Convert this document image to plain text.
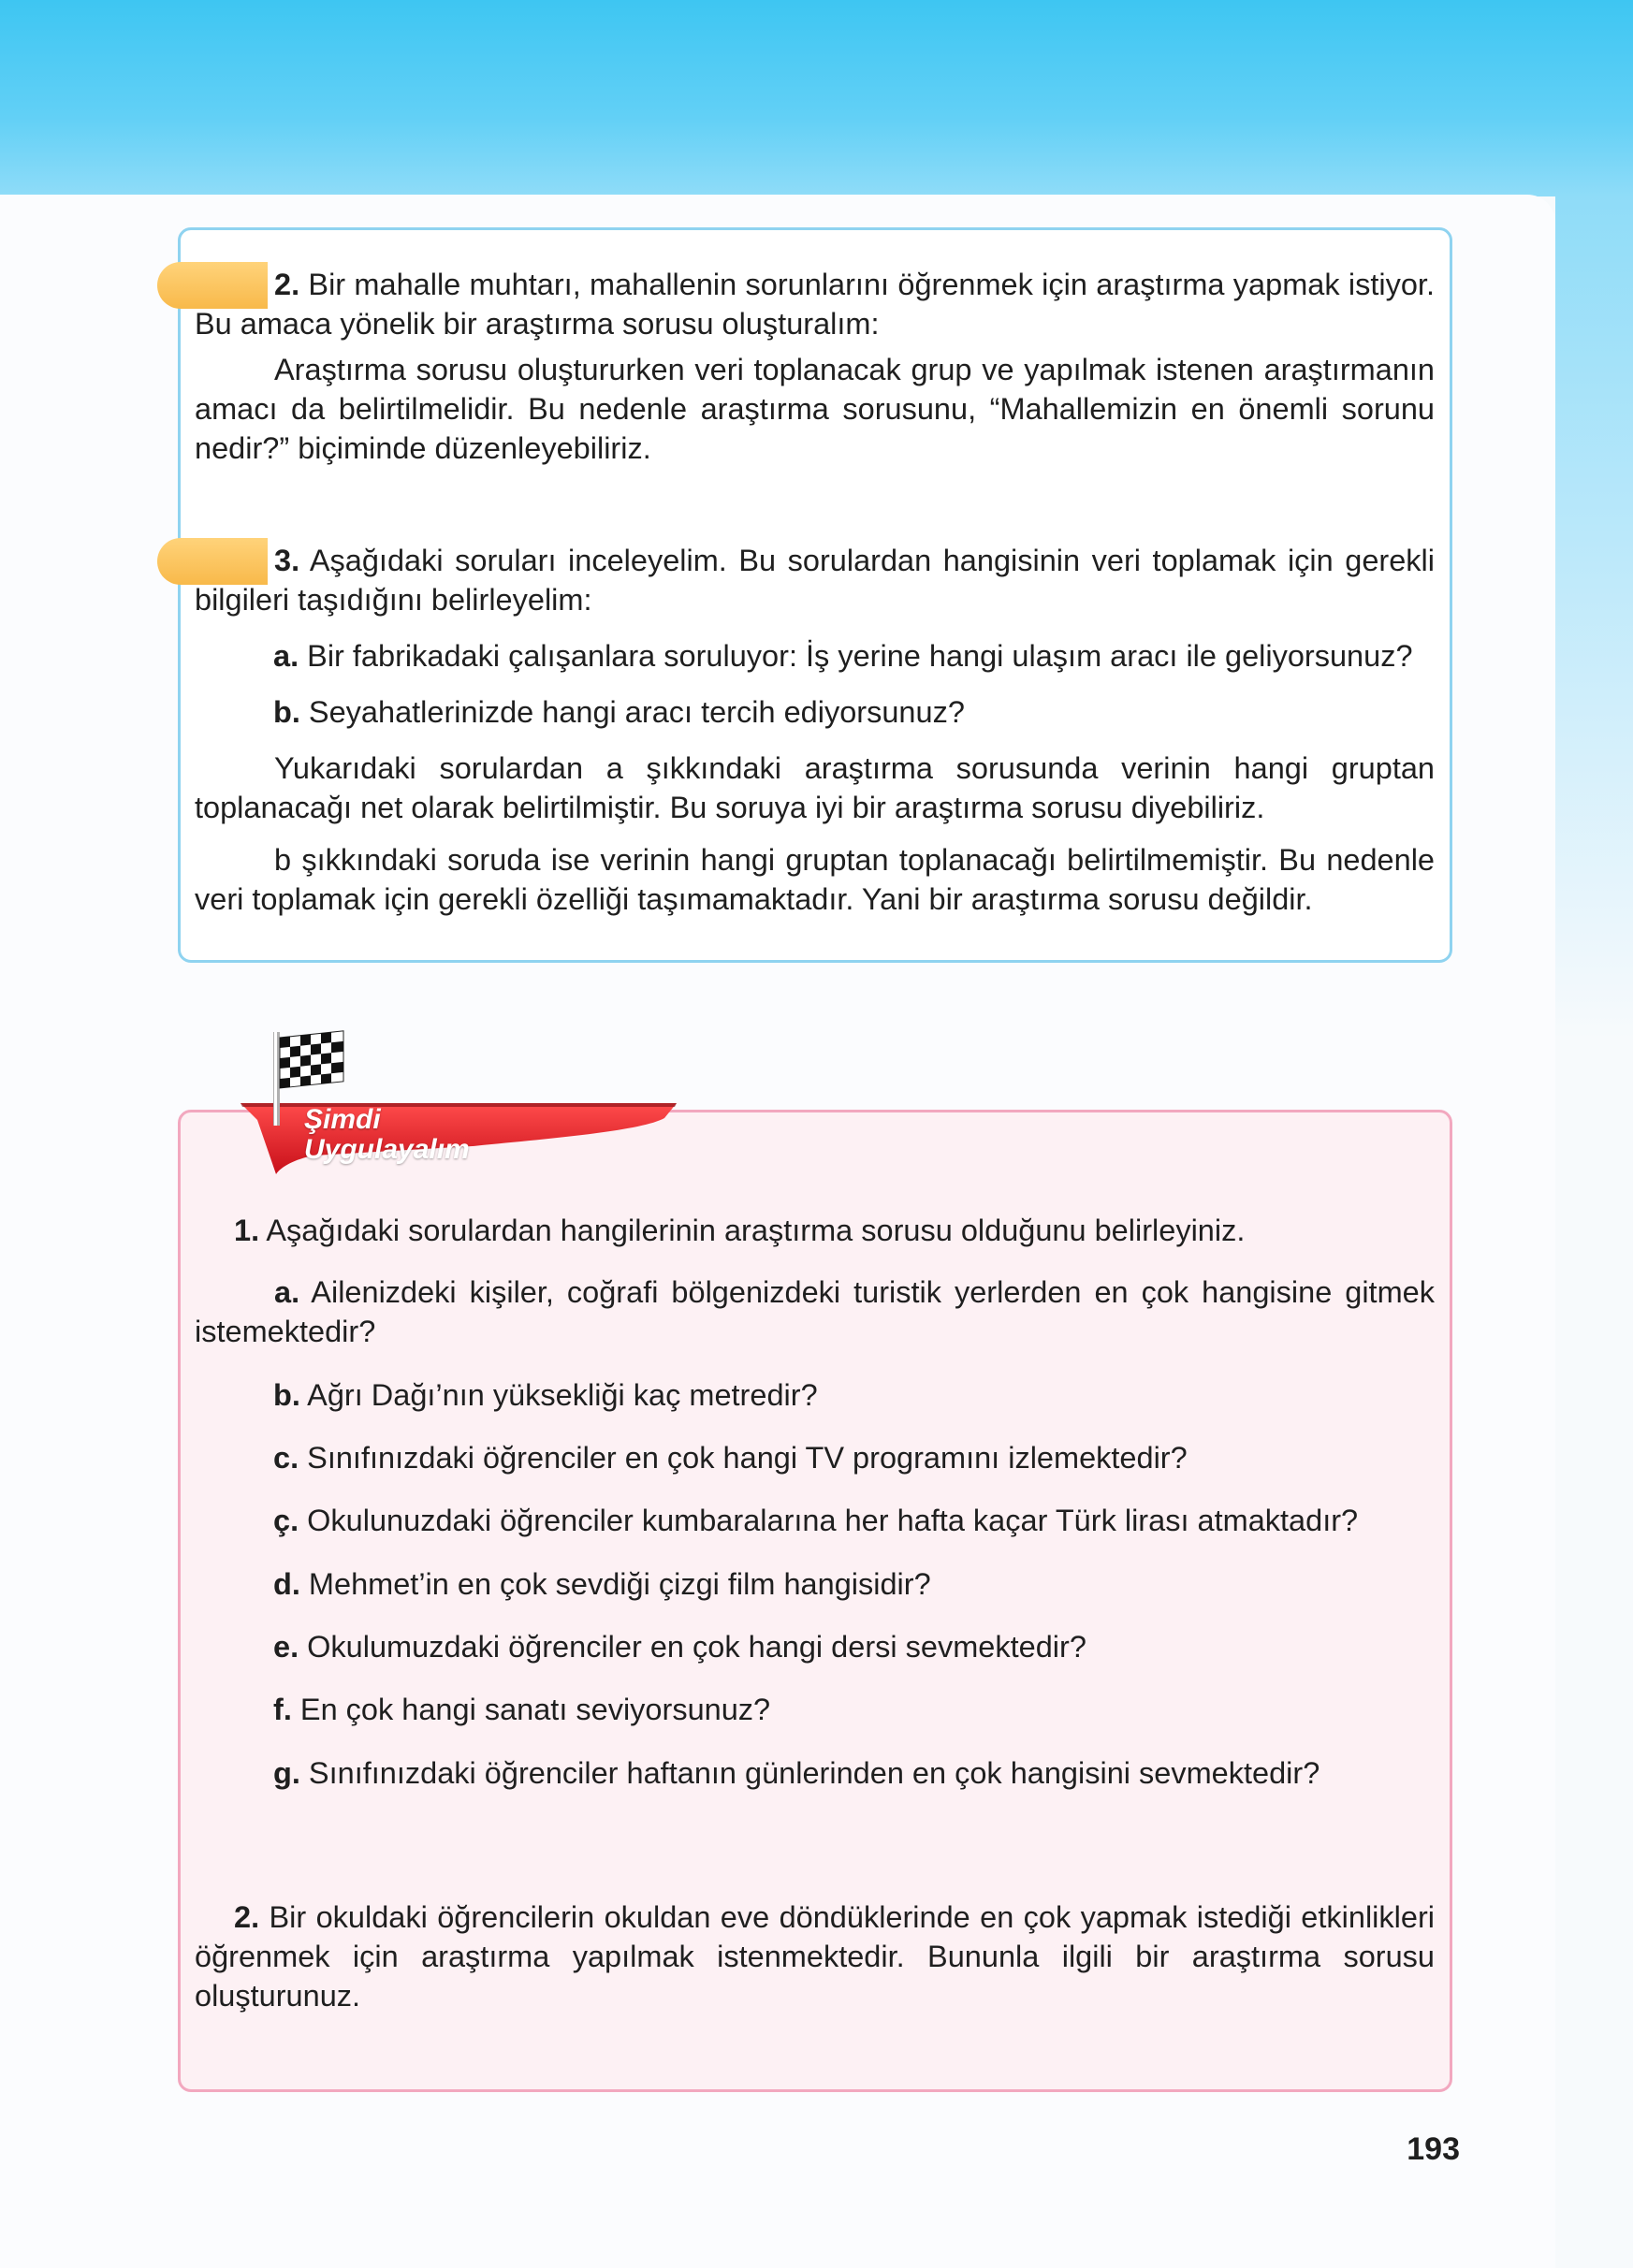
2. Bir mahalle muhtarı, mahallenin sorunlarını öğrenmek için araştırma yapmak istiyor. Bu amaca yönelik bir araştırma sorusu oluşturalım:
Araştırma sorusu oluştururken veri toplanacak grup ve yapılmak istenen araştırmanın amacı da belirtilmelidir. Bu nedenle araştırma sorusunu, “Mahallemizin en önemli sorunu nedir?” biçiminde düzenleyebiliriz.
3. Aşağıdaki soruları inceleyelim. Bu sorulardan hangisinin veri toplamak için gerekli bilgileri taşıdığını belirleyelim:
a. Bir fabrikadaki çalışanlara soruluyor: İş yerine hangi ulaşım aracı ile geliyorsunuz?
b. Seyahatlerinizde hangi aracı tercih ediyorsunuz?
Yukarıdaki sorulardan a şıkkındaki araştırma sorusunda verinin hangi gruptan toplanacağı net olarak belirtilmiştir. Bu soruya iyi bir araştırma sorusu diyebiliriz.
b şıkkındaki soruda ise verinin hangi gruptan toplanacağı belirtilmemiştir. Bu nedenle veri toplamak için gerekli özelliği taşımamaktadır. Yani bir araştırma sorusu değildir.
Şimdi
Uygulayalım
1. Aşağıdaki sorulardan hangilerinin araştırma sorusu olduğunu belirleyiniz.
a. Ailenizdeki kişiler, coğrafi bölgenizdeki turistik yerlerden en çok hangisine gitmek istemektedir?
b. Ağrı Dağı’nın yüksekliği kaç metredir?
c. Sınıfınızdaki öğrenciler en çok hangi TV programını izlemektedir?
ç. Okulunuzdaki öğrenciler kumbaralarına her hafta kaçar Türk lirası atmaktadır?
d. Mehmet’in en çok sevdiği çizgi film hangisidir?
e. Okulumuzdaki öğrenciler en çok hangi dersi sevmektedir?
f. En çok hangi sanatı seviyorsunuz?
g. Sınıfınızdaki öğrenciler haftanın günlerinden en çok hangisini sevmektedir?
2. Bir okuldaki öğrencilerin okuldan eve döndüklerinde en çok yapmak istediği etkinlikleri öğrenmek için araştırma yapılmak istenmektedir. Bununla ilgili bir araştırma sorusu oluşturunuz.
193
